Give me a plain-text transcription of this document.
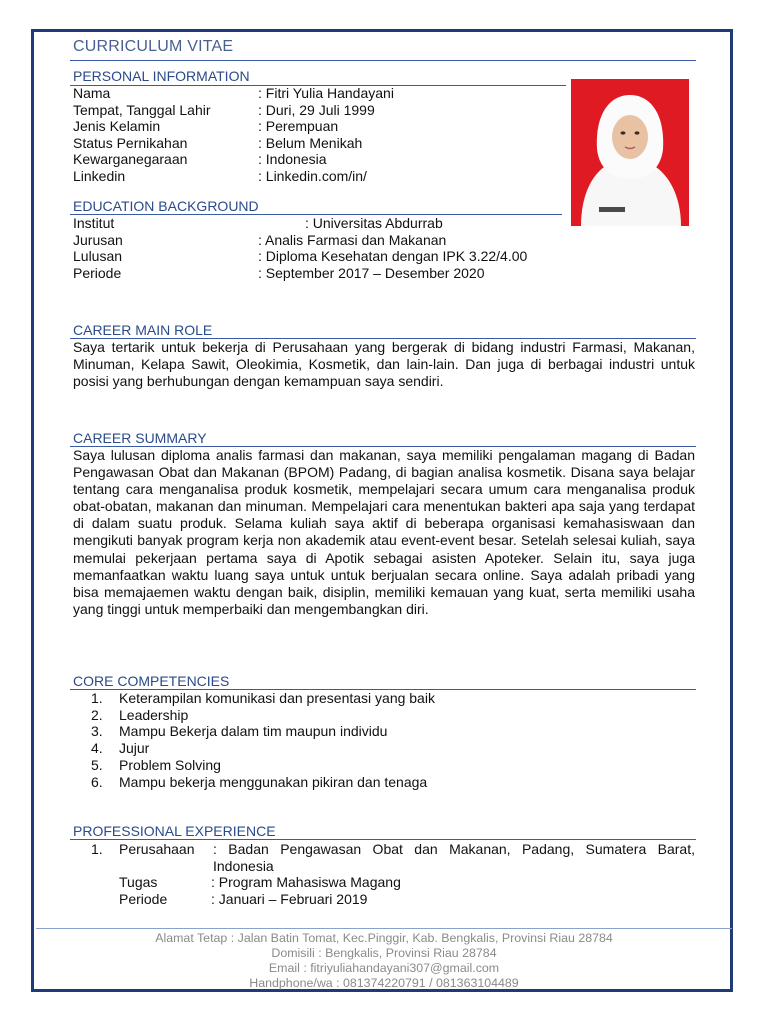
CURRICULUM VITAE
PERSONAL INFORMATION
Nama	: Fitri Yulia Handayani
Tempat, Tanggal Lahir	: Duri, 29 Juli 1999
Jenis Kelamin	: Perempuan
Status Pernikahan	: Belum Menikah
Kewarganegaraan	: Indonesia
Linkedin	: Linkedin.com/in/
EDUCATION BACKGROUND
Institut	: Universitas Abdurrab
Jurusan	: Analis Farmasi dan Makanan
Lulusan	: Diploma Kesehatan dengan IPK 3.22/4.00
Periode	: September 2017 – Desember 2020
CAREER MAIN ROLE
Saya tertarik untuk bekerja di Perusahaan yang bergerak di bidang industri Farmasi, Makanan, Minuman, Kelapa Sawit, Oleokimia, Kosmetik, dan lain-lain. Dan juga di berbagai industri untuk posisi yang berhubungan dengan kemampuan saya sendiri.
CAREER SUMMARY
Saya lulusan diploma analis farmasi dan makanan, saya memiliki pengalaman magang di Badan Pengawasan Obat dan Makanan (BPOM) Padang, di bagian analisa kosmetik. Disana saya belajar tentang cara menganalisa produk kosmetik, mempelajari secara umum cara menganalisa produk obat-obatan, makanan dan minuman. Mempelajari cara menentukan bakteri apa saja yang terdapat di dalam suatu produk. Selama kuliah saya aktif di beberapa organisasi kemahasiswaan dan mengikuti banyak program kerja non akademik atau event-event besar. Setelah selesai kuliah, saya memulai pekerjaan pertama saya di Apotik sebagai asisten Apoteker. Selain itu, saya juga memanfaatkan waktu luang saya untuk untuk berjualan secara online. Saya adalah pribadi yang bisa memajaemen waktu dengan baik, disiplin, memiliki kemauan yang kuat, serta memiliki usaha yang tinggi untuk memperbaiki dan mengembangkan diri.
CORE COMPETENCIES
1.	Keterampilan komunikasi dan presentasi yang baik
2.	Leadership
3.	Mampu Bekerja dalam tim maupun individu
4.	Jujur
5.	Problem Solving
6.	Mampu bekerja menggunakan pikiran dan tenaga
PROFESSIONAL EXPERIENCE
1.	Perusahaan	: Badan Pengawasan Obat dan Makanan, Padang, Sumatera Barat, Indonesia
Tugas	: Program Mahasiswa Magang
Periode	: Januari – Februari 2019
Alamat Tetap : Jalan Batin Tomat, Kec.Pinggir, Kab. Bengkalis, Provinsi Riau 28784
Domisili : Bengkalis, Provinsi Riau 28784
Email : fitriyuliahandayani307@gmail.com
Handphone/wa : 081374220791 / 081363104489
